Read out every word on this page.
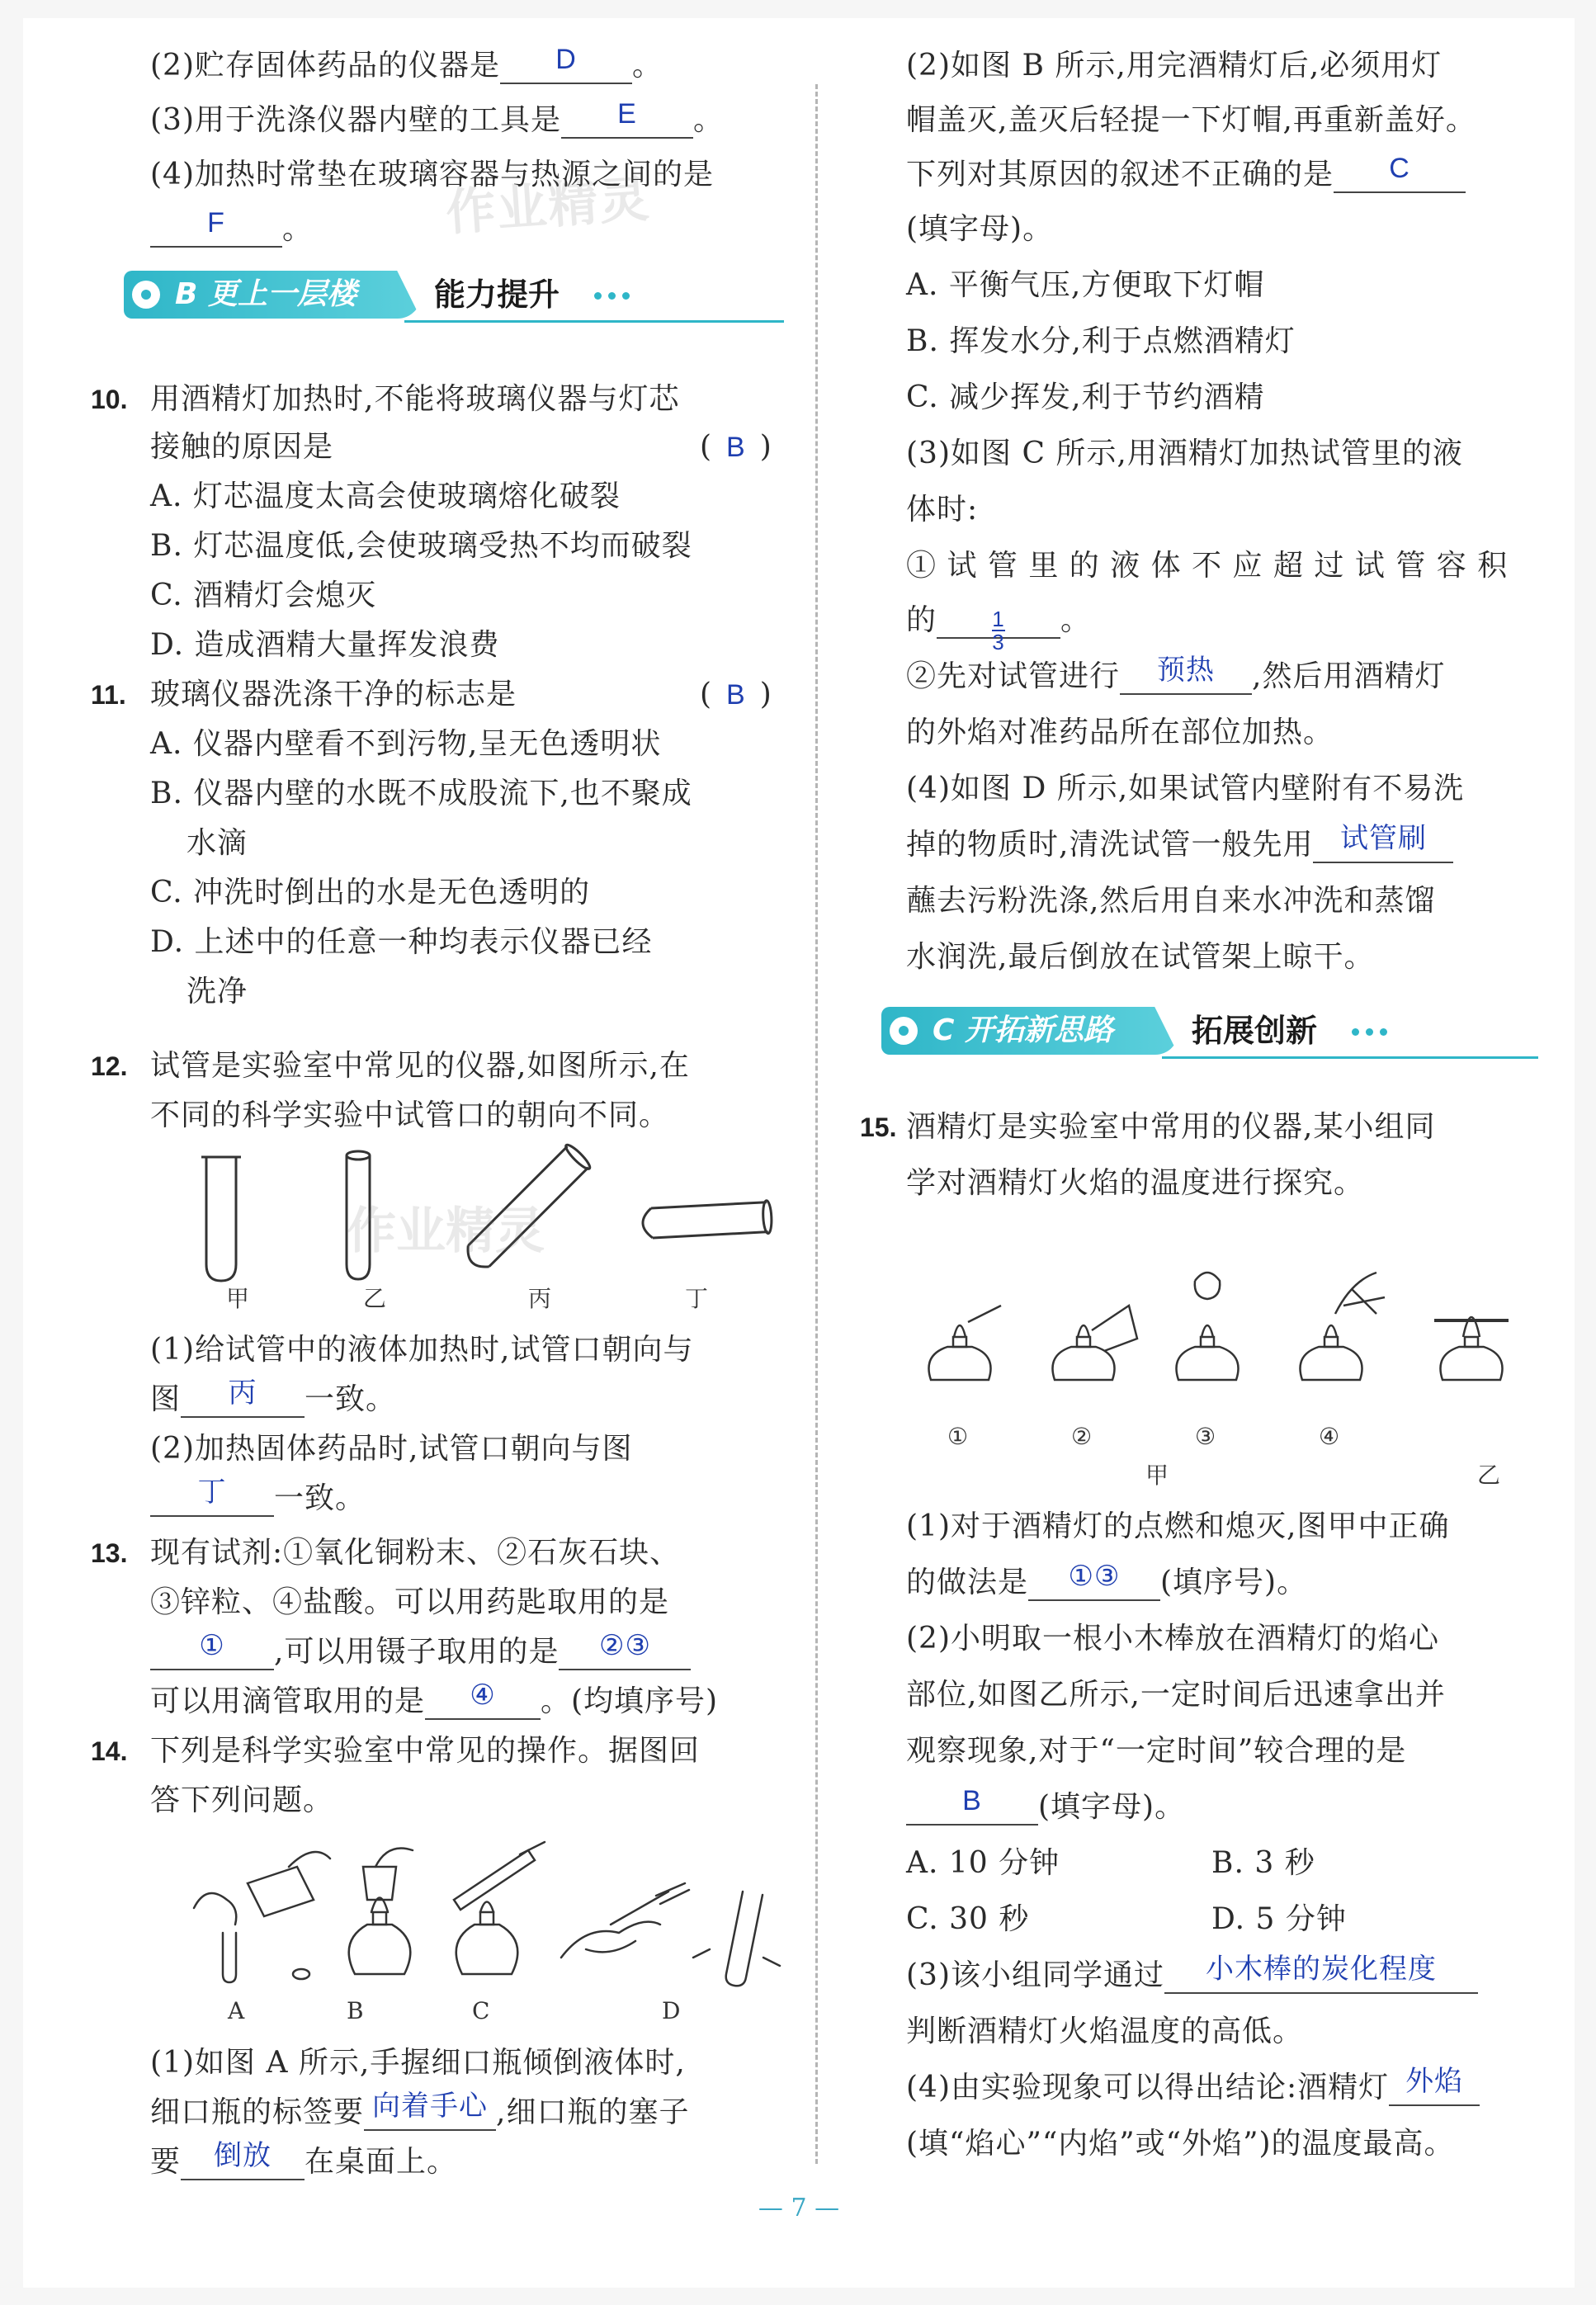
(2)贮存固体药品的仪器是 D 。
(3)用于洗涤仪器内壁的工具是 E 。
(4)加热时常垫在玻璃容器与热源之间的是
F 。	作业精灵
B 更上一层楼 能力提升
10. 用酒精灯加热时,不能将玻璃仪器与灯芯
接触的原因是	( B )
A. 灯芯温度太高会使玻璃熔化破裂
B. 灯芯温度低,会使玻璃受热不均而破裂
C. 酒精灯会熄灭
D. 造成酒精大量挥发浪费
11. 玻璃仪器洗涤干净的标志是	( B )
A. 仪器内壁看不到污物,呈无色透明状
B. 仪器内壁的水既不成股流下,也不聚成
水滴
C. 冲洗时倒出的水是无色透明的
D. 上述中的任意一种均表示仪器已经
洗净
12. 试管是实验室中常见的仪器,如图所示,在
不同的科学实验中试管口的朝向不同。
作业精灵
甲	乙	丙	丁
(1)给试管中的液体加热时,试管口朝向与
图 丙 一致。
(2)加热固体药品时,试管口朝向与图
丁 一致。
13. 现有试剂:①氧化铜粉末、②石灰石块、
③锌粒、④盐酸。可以用药匙取用的是
① ,可以用镊子取用的是 ②③
可以用滴管取用的是 ④ 。(均填序号)
14. 下列是科学实验室中常见的操作。据图回
答下列问题。
A	B	C	D
(1)如图 A 所示,手握细口瓶倾倒液体时,
细口瓶的标签要 向着手心 ,细口瓶的塞子
要 倒放 在桌面上。
(2)如图 B 所示,用完酒精灯后,必须用灯
帽盖灭,盖灭后轻提一下灯帽,再重新盖好。
下列对其原因的叙述不正确的是 C
(填字母)。
A. 平衡气压,方便取下灯帽
B. 挥发水分,利于点燃酒精灯
C. 减少挥发,利于节约酒精
(3)如图 C 所示,用酒精灯加热试管里的液
体时:
① 试 管 里 的 液 体 不 应 超 过 试 管 容 积
的	$\frac{1}{3}$ 。
②先对试管进行 预热 ,然后用酒精灯
的外焰对准药品所在部位加热。
(4)如图 D 所示,如果试管内壁附有不易洗
掉的物质时,清洗试管一般先用 试管刷
蘸去污粉洗涤,然后用自来水冲洗和蒸馏
水润洗,最后倒放在试管架上晾干。
C 开拓新思路	拓展创新
15. 酒精灯是实验室中常用的仪器,某小组同
学对酒精灯火焰的温度进行探究。
①	②	③	④
甲	乙
(1)对于酒精灯的点燃和熄灭,图甲中正确
的做法是 ①③ (填序号)。
(2)小明取一根小木棒放在酒精灯的焰心
部位,如图乙所示,一定时间后迅速拿出并
观察现象,对于“一定时间”较合理的是
B (填字母)。
A. 10 分钟	B. 3 秒
C. 30 秒	D. 5 分钟
(3)该小组同学通过 小木棒的炭化程度
判断酒精灯火焰温度的高低。
(4)由实验现象可以得出结论:酒精灯 外焰
(填“焰心”“内焰”或“外焰”)的温度最高。
— 7 —
